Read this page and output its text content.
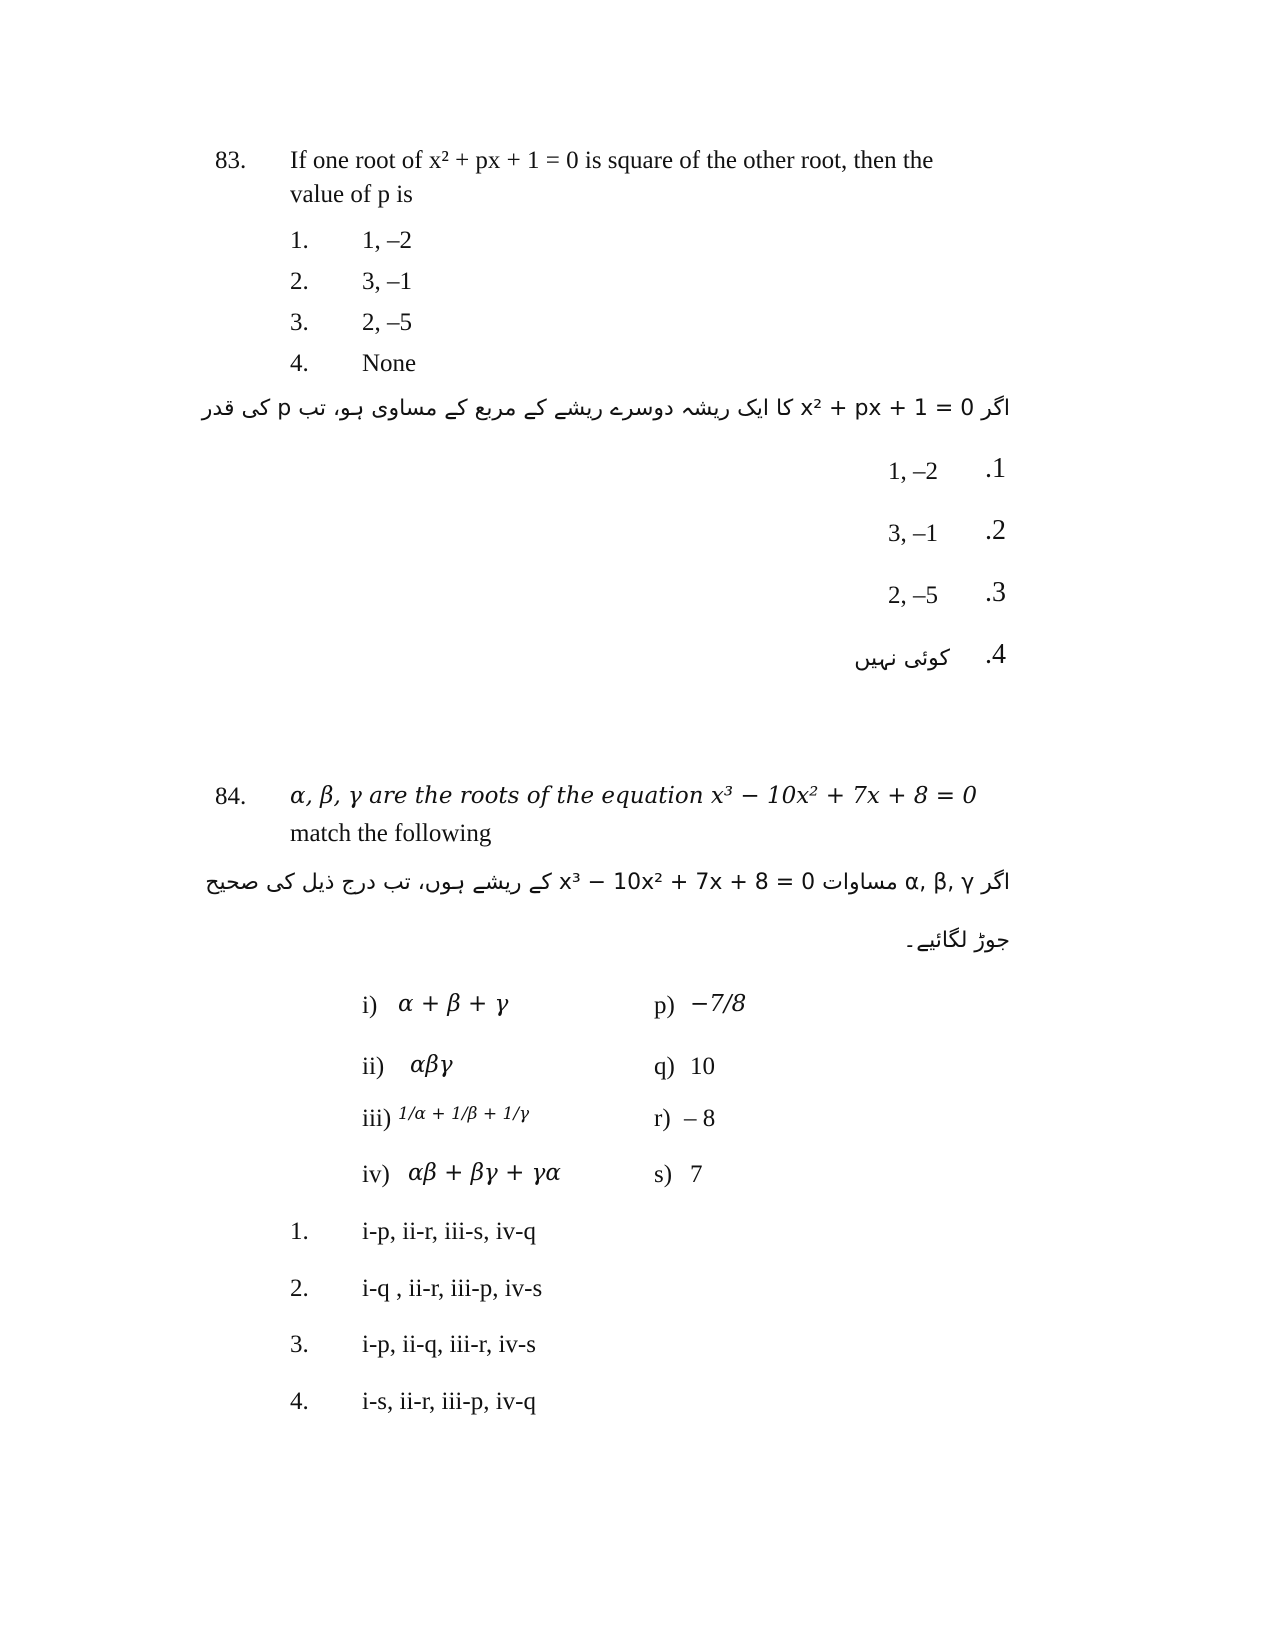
83. If one root of x² + px + 1 = 0 is square of the other root, then the
value of p is
1. 1, –2
2. 3, –1
3. 2, –5
4. None
اگر x² + px + 1 = 0 کا ایک ریشہ دوسرے ریشے کے مربع کے مساوی ہو، تب p کی قدر
.1
1, –2
.2
3, –1
.3
2, –5
.4
کوئی نہیں
84. α, β, γ are the roots of the equation x³ − 10x² + 7x + 8 = 0
match the following
اگر α, β, γ مساوات x³ − 10x² + 7x + 8 = 0 کے ریشے ہوں، تب درج ذیل کی صحیح
جوڑ لگائیے۔
i) α + β + γ
ii) αβγ
iii) 1/α + 1/β + 1/γ
iv) αβ + βγ + γα
p) −7/8
q) 10
r) – 8
s) 7
1. i-p, ii-r, iii-s, iv-q
2. i-q , ii-r, iii-p, iv-s
3. i-p, ii-q, iii-r, iv-s
4. i-s, ii-r, iii-p, iv-q
